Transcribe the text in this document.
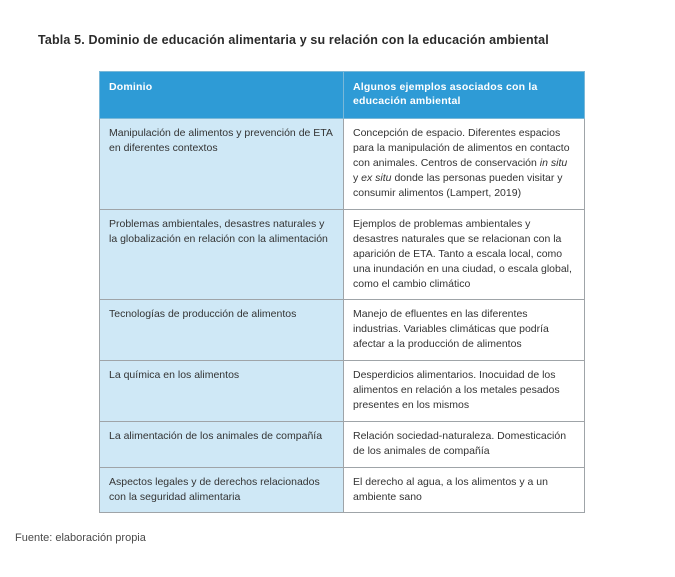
Tabla 5. Dominio de educación alimentaria y su relación con la educación ambiental
Dominio	Algunos ejemplos asociados con la educación ambiental
Manipulación de alimentos y prevención de ETA en diferentes contextos	Concepción de espacio. Diferentes espacios para la manipulación de alimentos en contacto con animales. Centros de conservación in situ y ex situ donde las personas pueden visitar y consumir alimentos (Lampert, 2019)
Problemas ambientales, desastres naturales y la globalización en relación con la alimentación	Ejemplos de problemas ambientales y desastres naturales que se relacionan con la aparición de ETA. Tanto a escala local, como una inundación en una ciudad, o escala global, como el cambio climático
Tecnologías de producción de alimentos	Manejo de efluentes en las diferentes industrias. Variables climáticas que podría afectar a la producción de alimentos
La química en los alimentos	Desperdicios alimentarios. Inocuidad de los alimentos en relación a los metales pesados presentes en los mismos
La alimentación de los animales de compañía	Relación sociedad-naturaleza. Domesticación de los animales de compañía
Aspectos legales y de derechos relacionados con la seguridad alimentaria	El derecho al agua, a los alimentos y a un ambiente sano
Fuente: elaboración propia
